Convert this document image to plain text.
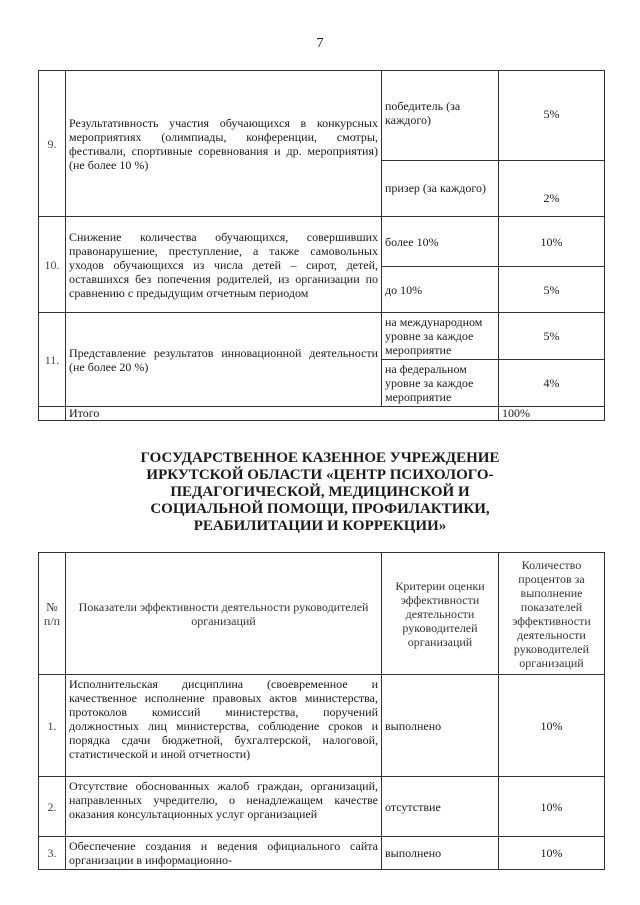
7
9.	Результативность участия обучающихся в конкурсных мероприятиях (олимпиады, конференции, смотры, фестивали, спортивные соревнования и др. мероприятия) (не более 10 %)	победитель (за каждого)	5%
		призер (за каждого)	2%
10.	Снижение количества обучающихся, совершивших правонарушение, преступление, а также самовольных уходов обучающихся из числа детей – сирот, детей, оставшихся без попечения родителей, из организации по сравнению с предыдущим отчетным периодом	более 10%	10%
		до 10%	5%
11.	Представление результатов инновационной деятельности (не более 20 %)	на международном уровне за каждое мероприятие	5%
		на федеральном уровне за каждое мероприятие	4%
	Итого		100%
ГОСУДАРСТВЕННОЕ КАЗЕННОЕ УЧРЕЖДЕНИЕ ИРКУТСКОЙ ОБЛАСТИ «ЦЕНТР ПСИХОЛОГО-ПЕДАГОГИЧЕСКОЙ, МЕДИЦИНСКОЙ И СОЦИАЛЬНОЙ ПОМОЩИ, ПРОФИЛАКТИКИ, РЕАБИЛИТАЦИИ И КОРРЕКЦИИ»
№ п/п	Показатели эффективности деятельности руководителей организаций	Критерии оценки эффективности деятельности руководителей организаций	Количество процентов за выполнение показателей эффективности деятельности руководителей организаций
1.	Исполнительская дисциплина (своевременное и качественное исполнение правовых актов министерства, протоколов комиссий министерства, поручений должностных лиц министерства, соблюдение сроков и порядка сдачи бюджетной, бухгалтерской, налоговой, статистической и иной отчетности)	выполнено	10%
2.	Отсутствие обоснованных жалоб граждан, организаций, направленных учредителю, о ненадлежащем качестве оказания консультационных услуг организацией	отсутствие	10%
3.	Обеспечение создания и ведения официального сайта организации в информационно-	выполнено	10%
